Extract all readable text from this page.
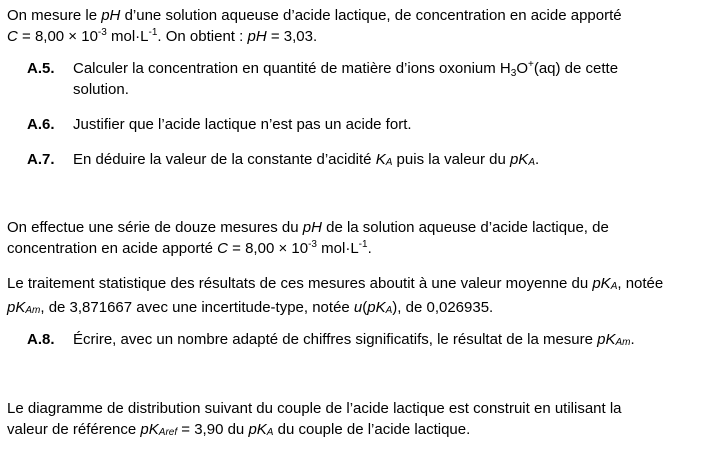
On mesure le pH d’une solution aqueuse d’acide lactique, de concentration en acide apporté
$C = 8,00 \times 10^{-3}$ $mol\cdot L^{-1}$. On obtient : pH = 3,03.
A.5. Calculer la concentration en quantité de matière d’ions oxonium $H_3O^+(aq)$ de cette
solution.
A.6. Justifier que l’acide lactique n’est pas un acide fort.
A.7. En déduire la valeur de la constante d’acidité KA puis la valeur du pKA.
On effectue une série de douze mesures du pH de la solution aqueuse d’acide lactique, de
concentration en acide apporté $C = 8,00 \times 10^{-3}$ $mol\cdot L^{-1}$.
Le traitement statistique des résultats de ces mesures aboutit à une valeur moyenne du pKA, notée
pKAm, de 3,871667 avec une incertitude-type, notée u(pKA), de 0,026935.
A.8. Écrire, avec un nombre adapté de chiffres significatifs, le résultat de la mesure pKAm.
Le diagramme de distribution suivant du couple de l’acide lactique est construit en utilisant la
valeur de référence pKAref = 3,90 du pKA du couple de l’acide lactique.
